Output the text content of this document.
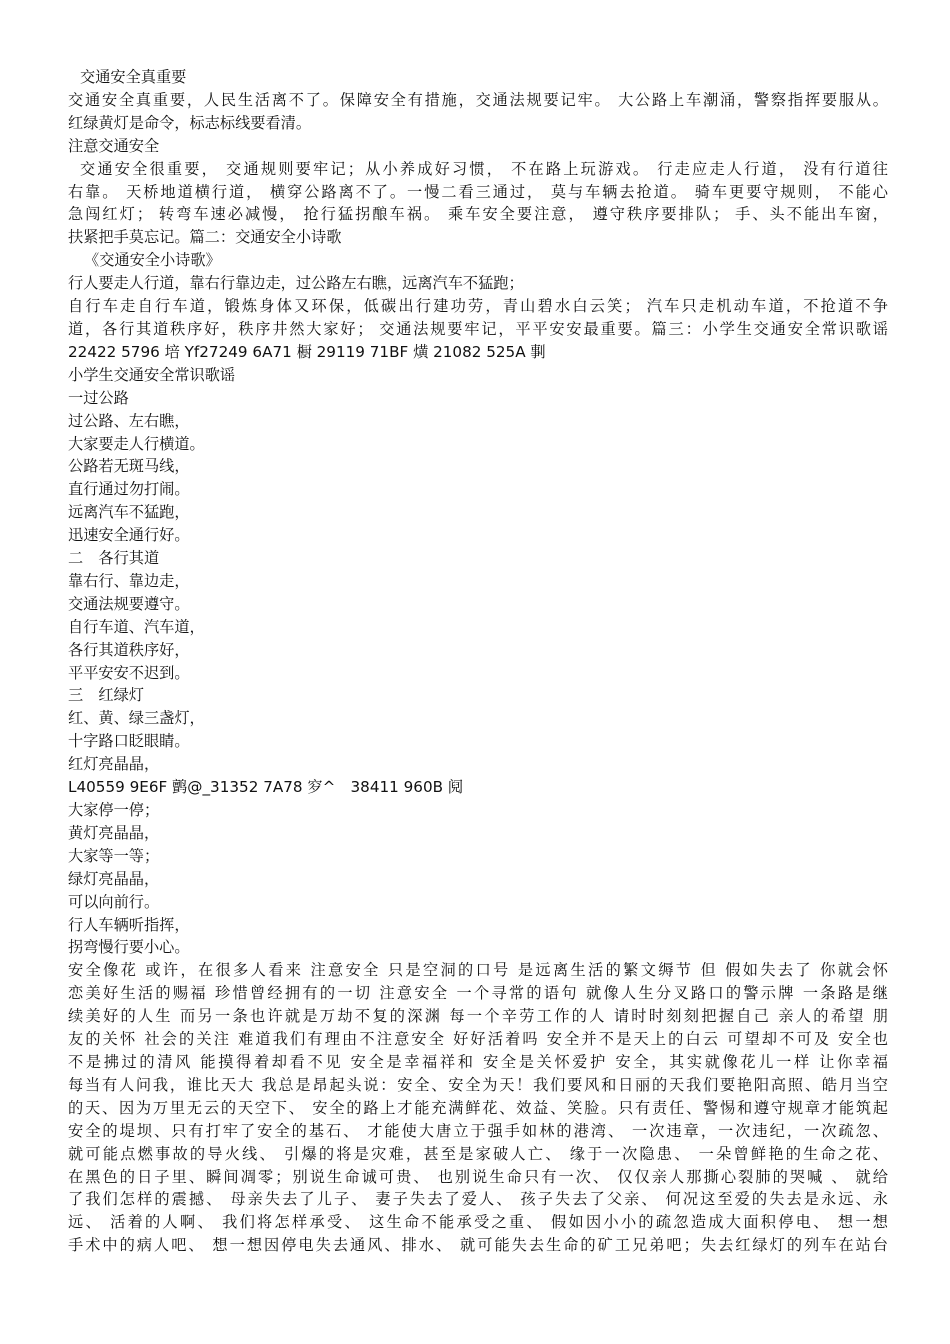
交通安全真重要
交通安全真重要，人民生活离不了。保障安全有措施，交通法规要记牢。 大公路上车潮涌，警察指挥要服从。
红绿黄灯是命令，标志标线要看清。
注意交通安全
交通安全很重要， 交通规则要牢记；从小养成好习惯， 不在路上玩游戏。 行走应走人行道， 没有行道往
右靠。 天桥地道横行道， 横穿公路离不了。一慢二看三通过， 莫与车辆去抢道。 骑车更要守规则， 不能心
急闯红灯； 转弯车速必减慢， 抢行猛拐酿车祸。 乘车安全要注意， 遵守秩序要排队； 手、头不能出车窗，
扶紧把手莫忘记。篇二：交通安全小诗歌
《交通安全小诗歌》
行人要走人行道，靠右行靠边走，过公路左右瞧，远离汽车不猛跑；
自行车走自行车道，锻炼身体又环保，低碳出行建功劳，青山碧水白云笑； 汽车只走机动车道，不抢道不争
道，各行其道秩序好，秩序井然大家好； 交通法规要牢记，平平安安最重要。篇三：小学生交通安全常识歌谣
22422 5796 培 Yf27249 6A71 橱 29119 71BF 熿 21082 525A 剚
小学生交通安全常识歌谣
一过公路
过公路、左右瞧，
大家要走人行横道。
公路若无斑马线，
直行通过勿打闹。
远离汽车不猛跑，
迅速安全通行好。
二　各行其道
靠右行、靠边走，
交通法规要遵守。
自行车道、汽车道，
各行其道秩序好，
平平安安不迟到。
三　红绿灯
红、黄、绿三盏灯，
十字路口眨眼睛。
红灯亮晶晶，
L40559 9E6F 鹯@_31352 7A78 穸^　38411 960B 阋
大家停一停；
黄灯亮晶晶，
大家等一等；
绿灯亮晶晶，
可以向前行。
行人车辆听指挥，
拐弯慢行要小心。
安全像花 或许，在很多人看来 注意安全 只是空洞的口号 是远离生活的繁文缛节 但 假如失去了 你就会怀
恋美好生活的赐福 珍惜曾经拥有的一切 注意安全 一个寻常的语句 就像人生分叉路口的警示牌 一条路是继
续美好的人生 而另一条也许就是万劫不复的深渊 每一个辛劳工作的人 请时时刻刻把握自己 亲人的希望 朋
友的关怀 社会的关注 难道我们有理由不注意安全 好好活着吗 安全并不是天上的白云 可望却不可及 安全也
不是拂过的清风 能摸得着却看不见 安全是幸福祥和 安全是关怀爱护 安全，其实就像花儿一样 让你幸福
每当有人问我，谁比天大 我总是昂起头说：安全、安全为天！我们要风和日丽的天我们要艳阳高照、皓月当空
的天、因为万里无云的天空下、 安全的路上才能充满鲜花、效益、笑脸。只有责任、警惕和遵守规章才能筑起
安全的堤坝、只有打牢了安全的基石、 才能使大唐立于强手如林的港湾、 一次违章，一次违纪，一次疏忽、
就可能点燃事故的导火线、 引爆的将是灾难，甚至是家破人亡、 缘于一次隐患、 一朵曾鲜艳的生命之花、
在黑色的日子里、瞬间凋零；别说生命诚可贵、 也别说生命只有一次、 仅仅亲人那撕心裂肺的哭喊 、 就给
了我们怎样的震撼、 母亲失去了儿子、 妻子失去了爱人、 孩子失去了父亲、 何况这至爱的失去是永远、永
远、 活着的人啊、 我们将怎样承受、 这生命不能承受之重、 假如因小小的疏忽造成大面积停电、 想一想
手术中的病人吧、 想一想因停电失去通风、排水、 就可能失去生命的矿工兄弟吧；失去红绿灯的列车在站台
